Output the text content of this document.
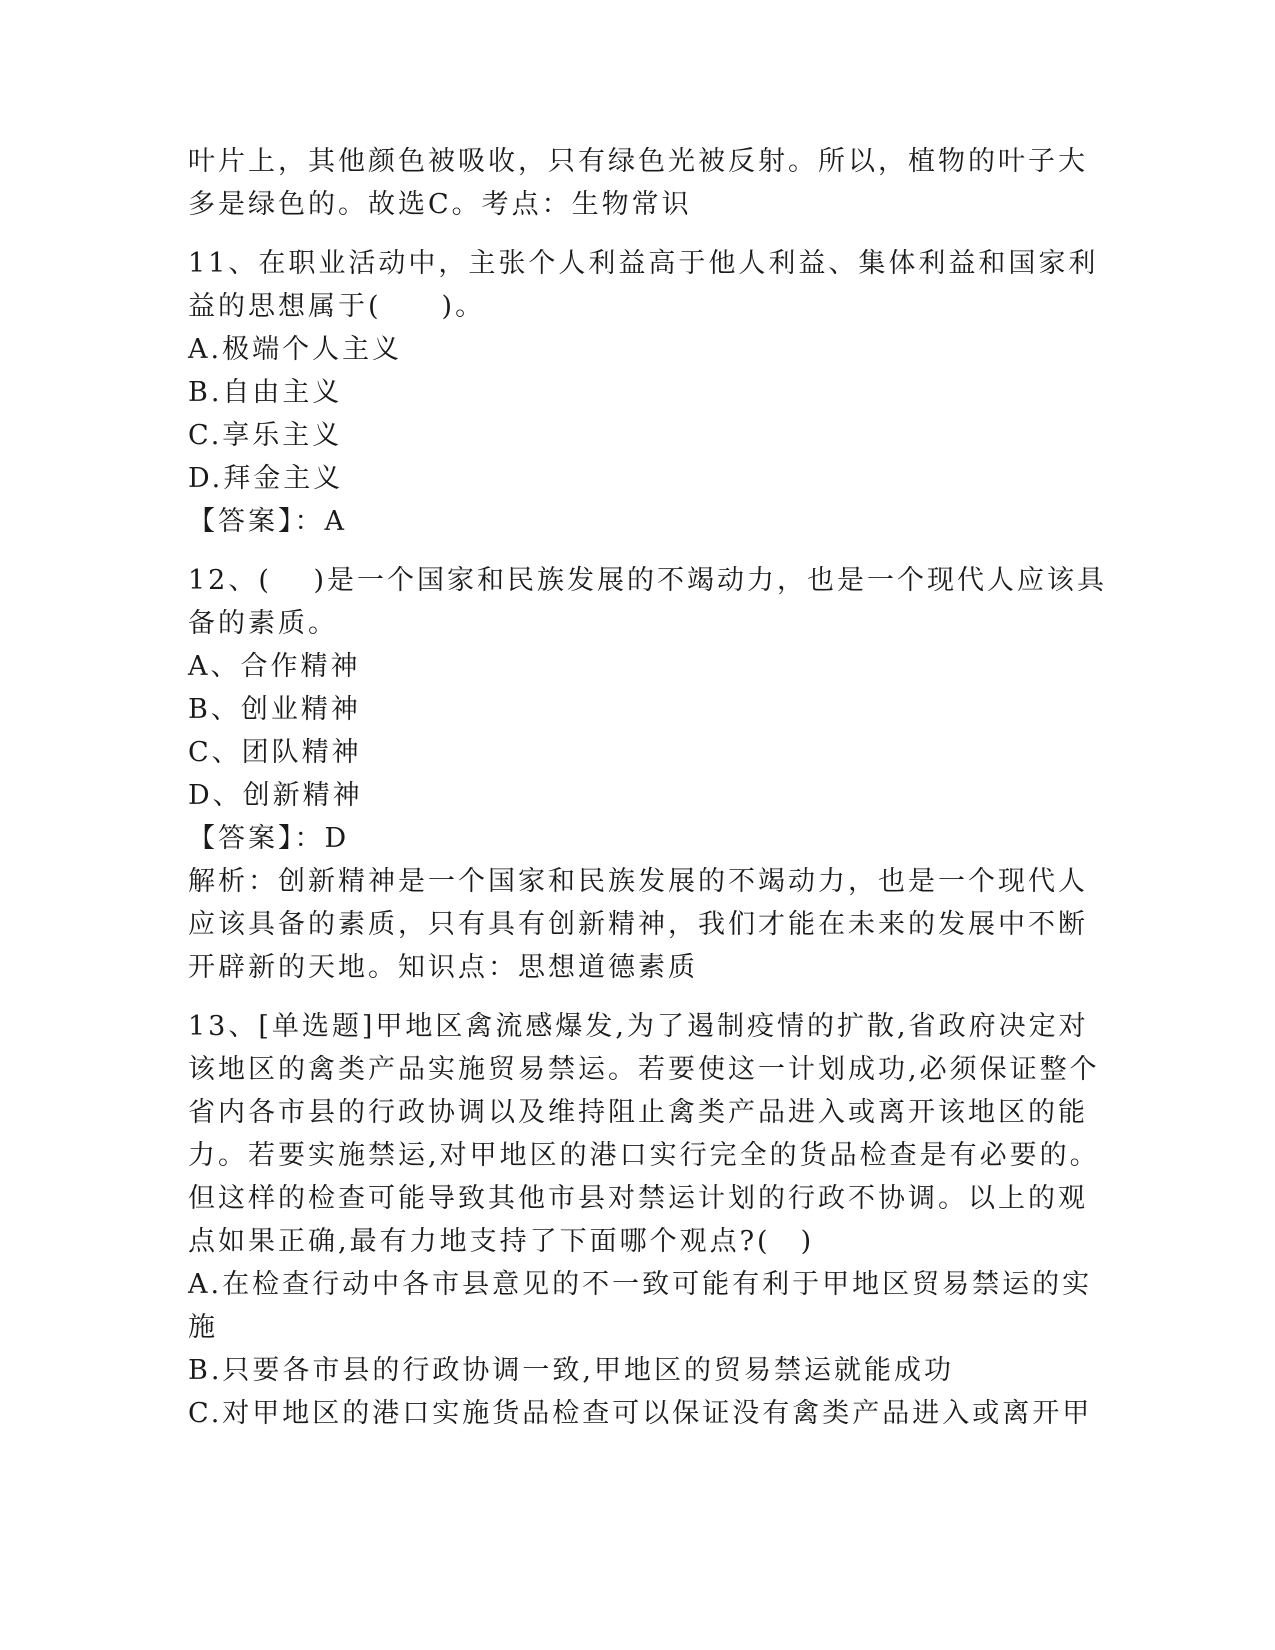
叶片上，其他颜色被吸收，只有绿色光被反射。所以，植物的叶子大
多是绿色的。故选C。考点：生物常识
11、在职业活动中，主张个人利益高于他人利益、集体利益和国家利
益的思想属于(　　)。
A.极端个人主义
B.自由主义
C.享乐主义
D.拜金主义
【答案】：A
12、(　 )是一个国家和民族发展的不竭动力，也是一个现代人应该具
备的素质。
A、合作精神
B、创业精神
C、团队精神
D、创新精神
【答案】：D
解析：创新精神是一个国家和民族发展的不竭动力，也是一个现代人
应该具备的素质，只有具有创新精神，我们才能在未来的发展中不断
开辟新的天地。知识点：思想道德素质
13、[单选题]甲地区禽流感爆发,为了遏制疫情的扩散,省政府决定对
该地区的禽类产品实施贸易禁运。若要使这一计划成功,必须保证整个
省内各市县的行政协调以及维持阻止禽类产品进入或离开该地区的能
力。若要实施禁运,对甲地区的港口实行完全的货品检查是有必要的。
但这样的检查可能导致其他市县对禁运计划的行政不协调。以上的观
点如果正确,最有力地支持了下面哪个观点?(　)
A.在检查行动中各市县意见的不一致可能有利于甲地区贸易禁运的实
施
B.只要各市县的行政协调一致,甲地区的贸易禁运就能成功
C.对甲地区的港口实施货品检查可以保证没有禽类产品进入或离开甲
